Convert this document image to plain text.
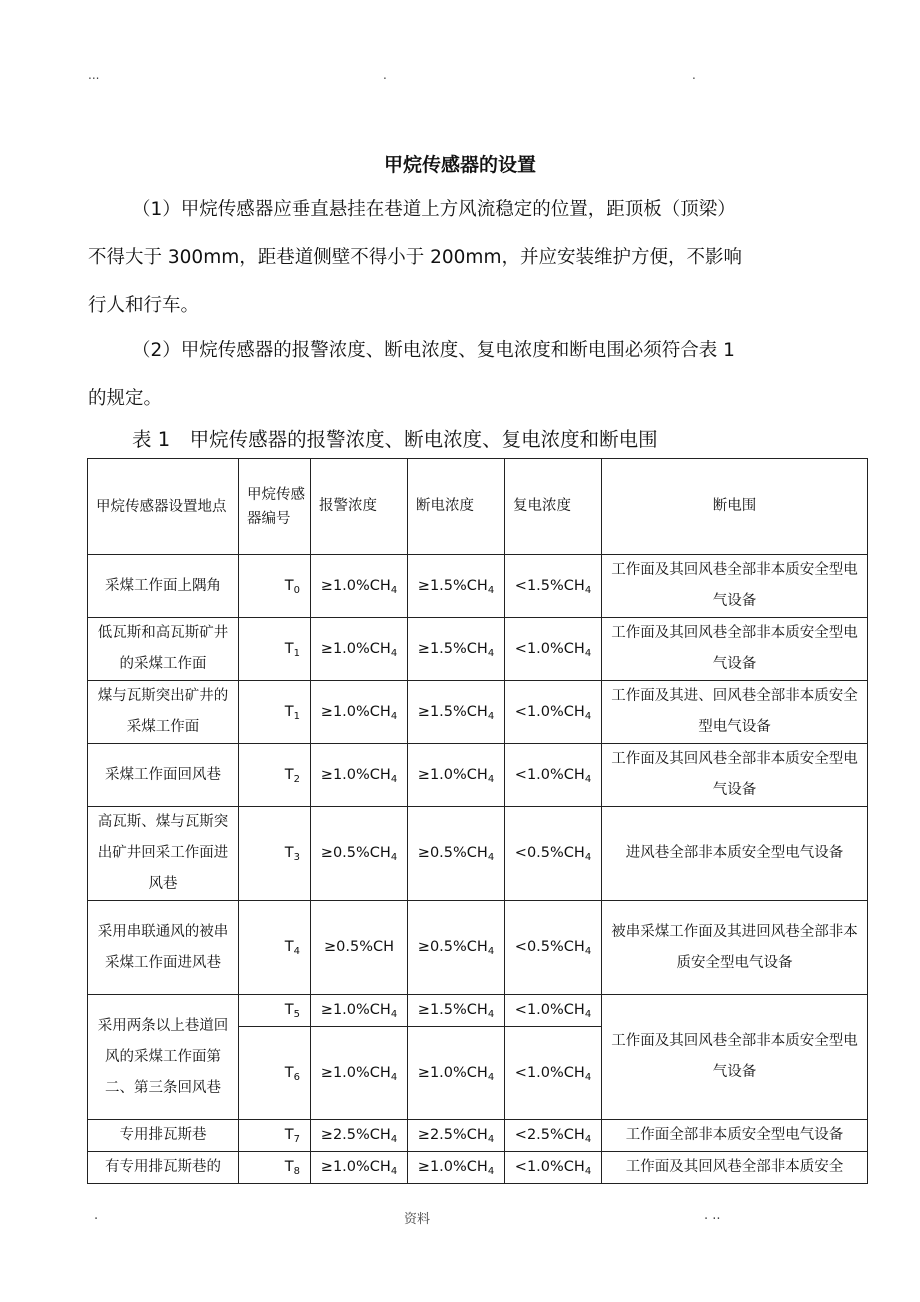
...	.	.
甲烷传感器的设置
（1）甲烷传感器应垂直悬挂在巷道上方风流稳定的位置，距顶板（顶梁）
不得大于 300mm，距巷道侧壁不得小于 200mm，并应安装维护方便，不影响
行人和行车。
（2）甲烷传感器的报警浓度、断电浓度、复电浓度和断电围必须符合表 1
的规定。
表 1　甲烷传感器的报警浓度、断电浓度、复电浓度和断电围
甲烷传感器设置地点	甲烷传感器编号	报警浓度	断电浓度	复电浓度	断电围
采煤工作面上隅角	$T_0$	$\ge 1.0\%CH_4$	$\ge 1.5\%CH_4$	$<1.5\%CH_4$	工作面及其回风巷全部非本质安全型电气设备
低瓦斯和高瓦斯矿井的采煤工作面	$T_1$	$\ge 1.0\%CH_4$	$\ge 1.5\%CH_4$	$<1.0\%CH_4$	工作面及其回风巷全部非本质安全型电气设备
煤与瓦斯突出矿井的采煤工作面	$T_1$	$\ge 1.0\%CH_4$	$\ge 1.5\%CH_4$	$<1.0\%CH_4$	工作面及其进、回风巷全部非本质安全型电气设备
采煤工作面回风巷	$T_2$	$\ge 1.0\%CH_4$	$\ge 1.0\%CH_4$	$<1.0\%CH_4$	工作面及其回风巷全部非本质安全型电气设备
高瓦斯、煤与瓦斯突出矿井回采工作面进风巷	$T_3$	$\ge 0.5\%CH_4$	$\ge 0.5\%CH_4$	$<0.5\%CH_4$	进风巷全部非本质安全型电气设备
采用串联通风的被串采煤工作面进风巷	$T_4$	≥0.5%CH	$\ge 0.5\%CH_4$	$<0.5\%CH_4$	被串采煤工作面及其进回风巷全部非本质安全型电气设备
采用两条以上巷道回风的采煤工作面第二、第三条回风巷	$T_5$	$\ge 1.0\%CH_4$	$\ge 1.5\%CH_4$	$<1.0\%CH_4$	工作面及其回风巷全部非本质安全型电气设备
	$T_6$	$\ge 1.0\%CH_4$	$\ge 1.0\%CH_4$	$<1.0\%CH_4$
专用排瓦斯巷	$T_7$	$\ge 2.5\%CH_4$	$\ge 2.5\%CH_4$	$<2.5\%CH_4$	工作面全部非本质安全型电气设备
有专用排瓦斯巷的	$T_8$	$\ge 1.0\%CH_4$	$\ge 1.0\%CH_4$	$<1.0\%CH_4$	工作面及其回风巷全部非本质安全
.	资料	. ..
